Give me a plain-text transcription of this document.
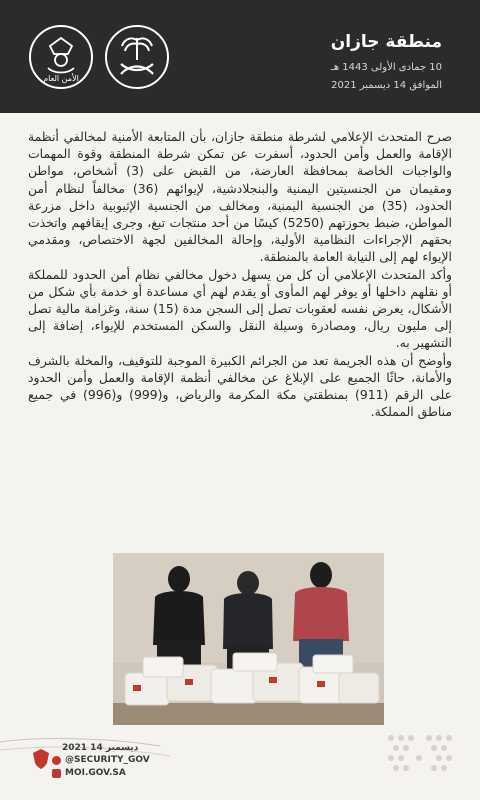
منطقة جازان
10 جمادى الأولى 1443 هـ
الموافق 14 ديسمبر 2021
الأمن العام

صرح المتحدث الإعلامي لشرطة منطقة جازان، بأن المتابعة الأمنية لمخالفي أنظمة الإقامة والعمل وأمن الحدود، أسفرت عن تمكن شرطة المنطقة وقوة المهمات والواجبات الخاصة بمحافظة العارضة، من القبض على (3) أشخاص، مواطن ومقيمان من الجنسيتين اليمنية والبنجلادشية، لإيوائهم (36) مخالفاً لنظام أمن الحدود، (35) من الجنسية اليمنية، ومخالف من الجنسية الإثيوبية داخل مزرعة المواطن، ضبط بحوزتهم (5250) كيسًا من أحد منتجات تبغ، وجرى إيقافهم واتخذت بحقهم الإجراءات النظامية الأولية، وإحالة المخالفين لجهة الاختصاص، ومقدمي الإيواء لهم إلى النيابة العامة بالمنطقة.

وأكد المتحدث الإعلامي أن كل من يسهل دخول مخالفي نظام أمن الحدود للمملكة أو نقلهم داخلها أو يوفر لهم المأوى أو يقدم لهم أي مساعدة أو خدمة بأي شكل من الأشكال، يعرض نفسه لعقوبات تصل إلى السجن مدة (15) سنة، وغرامة مالية تصل إلى مليون ريال، ومصادرة وسيلة النقل والسكن المستخدم للإيواء، إضافة إلى التشهير به.

وأوضح أن هذه الجريمة تعد من الجرائم الكبيرة الموجبة للتوقيف، والمخلة بالشرف والأمانة، حاثًا الجميع على الإبلاغ عن مخالفي أنظمة الإقامة والعمل وأمن الحدود على الرقم (911) بمنطقتي مكة المكرمة والرياض، و(999) و(996) في جميع مناطق المملكة.

2021 14 ديسمبر
@SECURITY_GOV
MOI.GOV.SA
